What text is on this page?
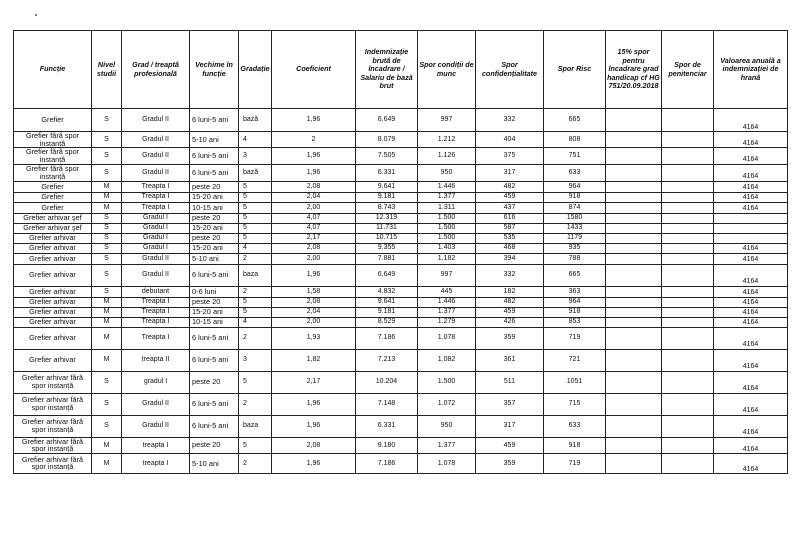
Funcție	Nivel studii	Grad / treaptă profesională	Vechime în funcție	Gradație	Coeficient	Indemnizație brută de încadrare / Salariu de bază brut	Spor condiții de munc	Spor confidențialitate	Spor Risc	15% spor pentru încadrare grad handicap cf HG 751/20.09.2018	Spor de penitenciar	Valoarea anuală a indemnizației de hrană
Grefier	S	Gradul II	6 luni-5 ani	bază	1,96	6.649	997	332	665			4164
Grefier fără spor instanță	S	Gradul II	5-10 ani	4	2	8.079	1.212	404	808			4164
Grefier fără spor instanță	S	Gradul II	6 luni-5 ani	3	1,96	7.505	1.126	375	751			4164
Grefier fără spor instanță	S	Gradul II	6 luni-5 ani	bază	1,96	6.331	950	317	633			4164
Grefier	M	Treapta I	peste 20	5	2,08	9.641	1.446	482	964			4164
Grefier	M	Treapta I	15-20 ani	5	2,04	9.181	1.377	459	918			4164
Grefier	M	Treapta I	10-15 ani	5	2,00	8.743	1.311	437	874			4164
Grefier arhivar şef	S	Gradul I	peste 20	5	4,07	12.319	1.500	616	1580			
Grefier arhivar şef	S	Gradul I	15-20 ani	5	4,07	11.731	1.500	587	1433			
Grefier arhivar	S	Gradul I	peste 20	5	2,17	10.715	1.500	535	1179			
Grefier arhivar	S	Gradul I	15-20 ani	4	2,08	9.355	1.403	468	935			4164
Grefier arhivar	S	Gradul II	5-10 ani	2	2,00	7.881	1.182	394	788			4164
Grefier arhivar	S	Gradul II	6 luni-5 ani	baza	1,96	6.649	997	332	665			4164
Grefier arhivar	S	debutant	0-6 luni	2	1,58	4.832	445	182	363			4164
Grefier arhivar	M	Treapta I	peste 20	5	2,08	9.641	1.446	482	964			4164
Grefier arhivar	M	Treapta I	15-20 ani	5	2,04	9.181	1.377	459	918			4164
Grefier arhivar	M	Treapta I	10-15 ani	4	2,00	8.529	1.279	426	853			4164
Grefier arhivar	M	Treapta I	6 luni-5 ani	2	1,93	7.186	1.078	359	719			4164
Grefier arhivar	M	treapta II	6 luni-5 ani	3	1,82	7.213	1.082	361	721			4164
Grefier arhivar fără spor instanță	S	gradul I	peste 20	5	2,17	10.204	1.500	511	1051			4164
Grefier arhivar fără spor instanță	S	Gradul II	6 luni-5 ani	2	1,96	7.148	1.072	357	715			4164
Grefier arhivar fără spor instanță	S	Gradul II	6 luni-5 ani	baza	1,96	6.331	950	317	633			4164
Grefier arhivar fără spor instanță	M	treapta I	peste 20	5	2,08	9.180	1.377	459	918			4164
Grefier arhivar fără spor instanță	M	treapta I	5-10 ani	2	1,96	7.186	1.078	359	719			4164
